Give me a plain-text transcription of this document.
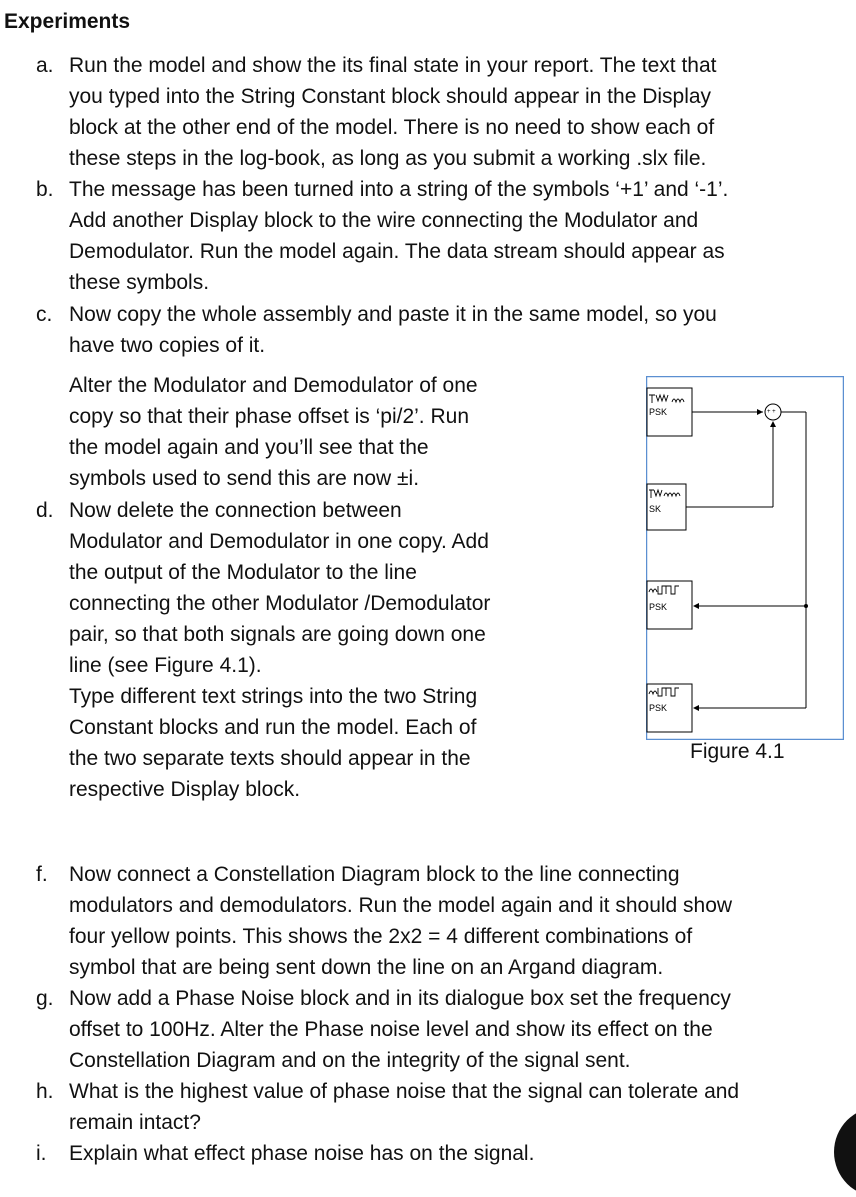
Experiments
a. Run the model and show the its final state in your report. The text that
you typed into the String Constant block should appear in the Display
block at the other end of the model. There is no need to show each of
these steps in the log-book, as long as you submit a working .slx file.
b. The message has been turned into a string of the symbols ‘+1’ and ‘-1’.
Add another Display block to the wire connecting the Modulator and
Demodulator. Run the model again. The data stream should appear as
these symbols.
c. Now copy the whole assembly and paste it in the same model, so you
have two copies of it.
Alter the Modulator and Demodulator of one
copy so that their phase offset is ‘pi/2’. Run
the model again and you’ll see that the
symbols used to send this are now ±i.
d. Now delete the connection between
Modulator and Demodulator in one copy. Add
the output of the Modulator to the line
connecting the other Modulator /Demodulator
pair, so that both signals are going down one
line (see Figure 4.1).
Type different text strings into the two String
Constant blocks and run the model. Each of
the two separate texts should appear in the
respective Display block.
PSK
SK
PSK
PSK
+ +
Figure 4.1
f. Now connect a Constellation Diagram block to the line connecting
modulators and demodulators. Run the model again and it should show
four yellow points. This shows the 2x2 = 4 different combinations of
symbol that are being sent down the line on an Argand diagram.
g. Now add a Phase Noise block and in its dialogue box set the frequency
offset to 100Hz. Alter the Phase noise level and show its effect on the
Constellation Diagram and on the integrity of the signal sent.
h. What is the highest value of phase noise that the signal can tolerate and
remain intact?
i. Explain what effect phase noise has on the signal.
